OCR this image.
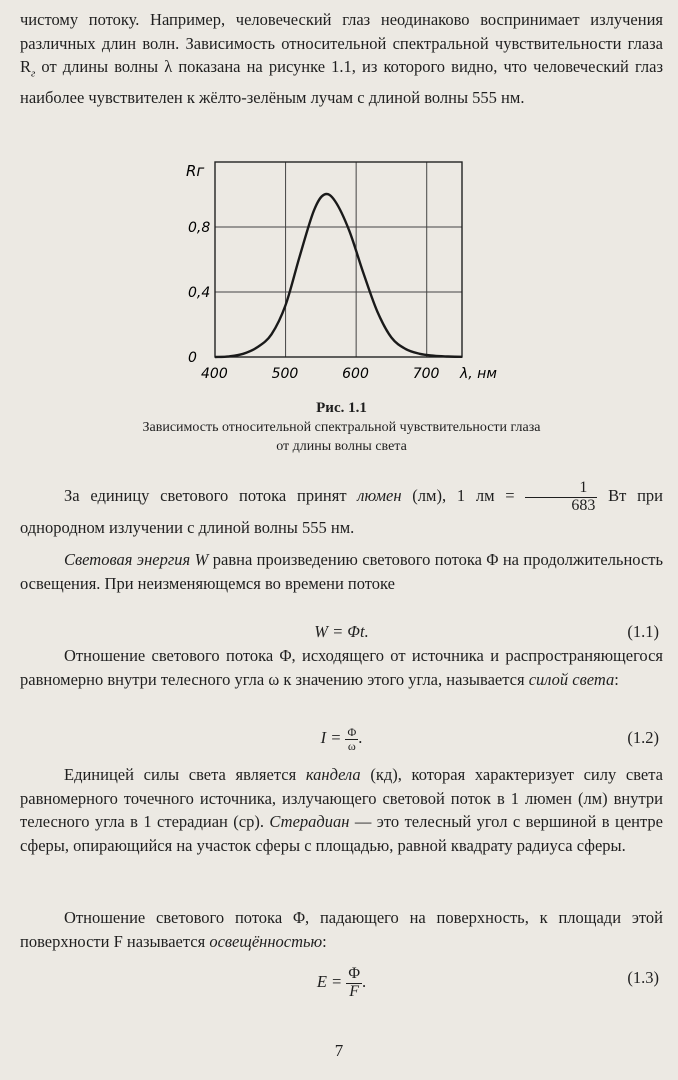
чистому потоку. Например, человеческий глаз неодинаково воспринимает излучения различных длин волн. Зависимость относительной спектральной чувствительности глаза $R_г$ от длины волны λ показана на рисунке 1.1, из которого видно, что человеческий глаз наиболее чувствителен к жёлто-зелёным лучам с длиной волны 555 нм.

Rг
0
0,4
0,8
400	500	600	700 λ, нм
Рис. 1.1
Зависимость относительной спектральной чувствительности глаза
от длины волны света

За единицу светового потока принят люмен (лм), 1 лм = $\frac{1}{683}$ Вт при однородном излучении с длиной волны 555 нм.

Световая энергия W равна произведению светового потока Φ на продолжительность освещения. При неизменяющемся во времени потоке

W = Φt.	(1.1)

Отношение светового потока Φ, исходящего от источника и распространяющегося равномерно внутри телесного угла ω к значению этого угла, называется силой света:

$I = \frac{\Phi}{\omega}$ .	(1.2)

Единицей силы света является кандела (кд), которая характеризует силу света равномерного точечного источника, излучающего световой поток в 1 люмен (лм) внутри телесного угла в 1 стерадиан (ср). Стерадиан — это телесный угол с вершиной в центре сферы, опирающийся на участок сферы с площадью, равной квадрату радиуса сферы.

Отношение светового потока Φ, падающего на поверхность, к площади этой поверхности F называется освещённостью:

$E = \frac{\Phi}{F}$ .	(1.3)
7
